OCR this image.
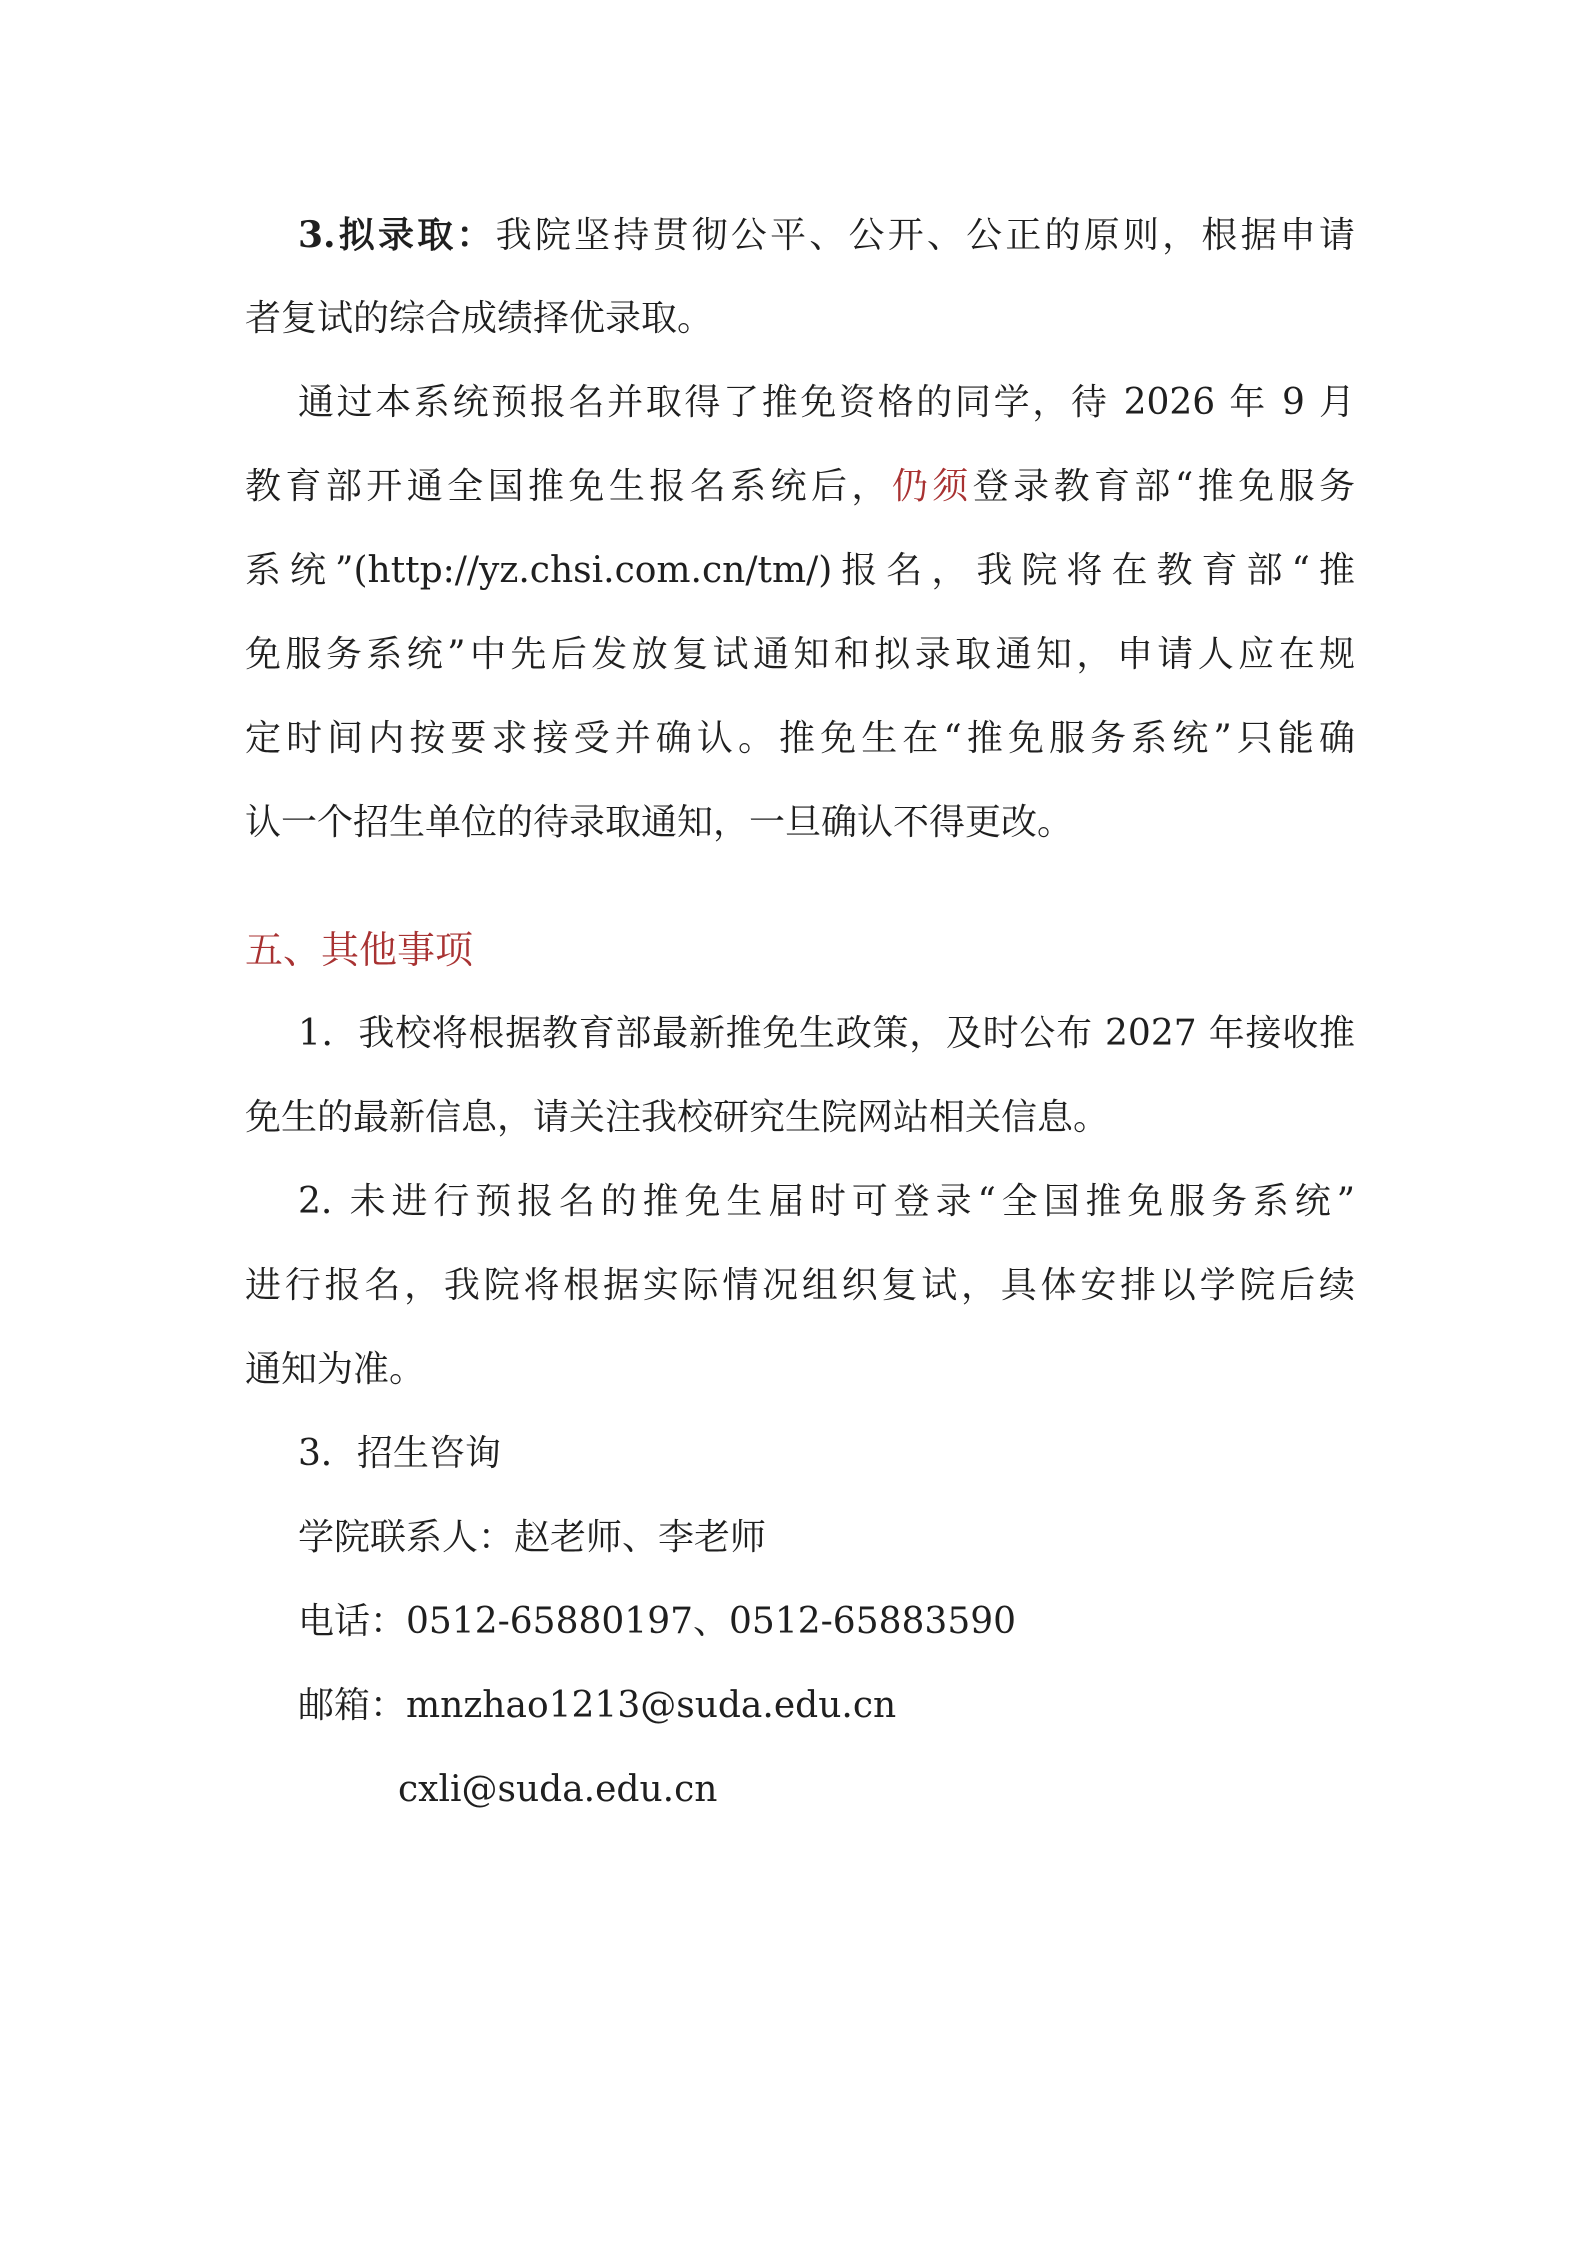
3.拟录取：我院坚持贯彻公平、公开、公正的原则，根据申请
者复试的综合成绩择优录取。
通过本系统预报名并取得了推免资格的同学，待 2026 年 9 月
教育部开通全国推免生报名系统后，仍须登录教育部“推免服务
系统”(http://yz.chsi.com.cn/tm/)报名，我院将在教育部“推
免服务系统”中先后发放复试通知和拟录取通知，申请人应在规
定时间内按要求接受并确认。推免生在“推免服务系统”只能确
认一个招生单位的待录取通知，一旦确认不得更改。
五、其他事项
1．我校将根据教育部最新推免生政策，及时公布 2027 年接收推
免生的最新信息，请关注我校研究生院网站相关信息。
2. 未进行预报名的推免生届时可登录“全国推免服务系统”
进行报名，我院将根据实际情况组织复试，具体安排以学院后续
通知为准。
3．招生咨询
学院联系人：赵老师、李老师
电话：0512-65880197、0512-65883590
邮箱：mnzhao1213@suda.edu.cn
cxli@suda.edu.cn
